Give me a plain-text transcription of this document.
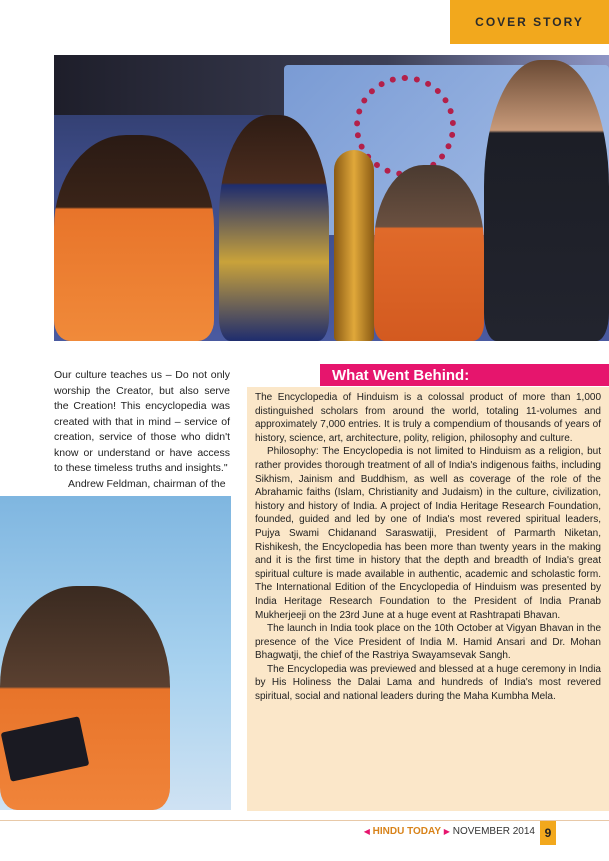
COVER STORY

Our culture teaches us – Do not only worship the Creator, but also serve the Creation! This encyclopedia was created with that in mind – service of creation, service of those who didn't know or understand or have access to these timeless truths and insights."

Andrew Feldman, chairman of the

What Went Behind:

The Encyclopedia of Hinduism is a colossal product of more than 1,000 distinguished scholars from around the world, totaling 11-volumes and approximately 7,000 entries. It is truly a compendium of thousands of years of history, science, art, architecture, polity, religion, philosophy and culture.

Philosophy: The Encyclopedia is not limited to Hinduism as a religion, but rather provides thorough treatment of all of India's indigenous faiths, including Sikhism, Jainism and Buddhism, as well as coverage of the role of the Abrahamic faiths (Islam, Christianity and Judaism) in the culture, civilization, history and history of India. A project of India Heritage Research Foundation, founded, guided and led by one of India's most revered spiritual leaders, Pujya Swami Chidanand Saraswatiji, President of Parmarth Niketan, Rishikesh, the Encyclopedia has been more than twenty years in the making and it is the first time in history that the depth and breadth of India's great spiritual culture is made available in authentic, academic and scholastic form. The International Edition of the Encyclopedia of Hinduism was presented by India Heritage Research Foundation to the President of India Pranab Mukherjeeji on the 23rd June at a huge event at Rashtrapati Bhavan.

The launch in India took place on the 10th October at Vigyan Bhavan in the presence of the Vice President of India M. Hamid Ansari and Dr. Mohan Bhagwatji, the chief of the Rastriya Swayamsevak Sangh.

The Encyclopedia was previewed and blessed at a huge ceremony in India by His Holiness the Dalai Lama and hundreds of India's most revered spiritual, social and national leaders during the Maha Kumbha Mela.

◀ HINDU TODAY ▶ NOVEMBER 2014 9
